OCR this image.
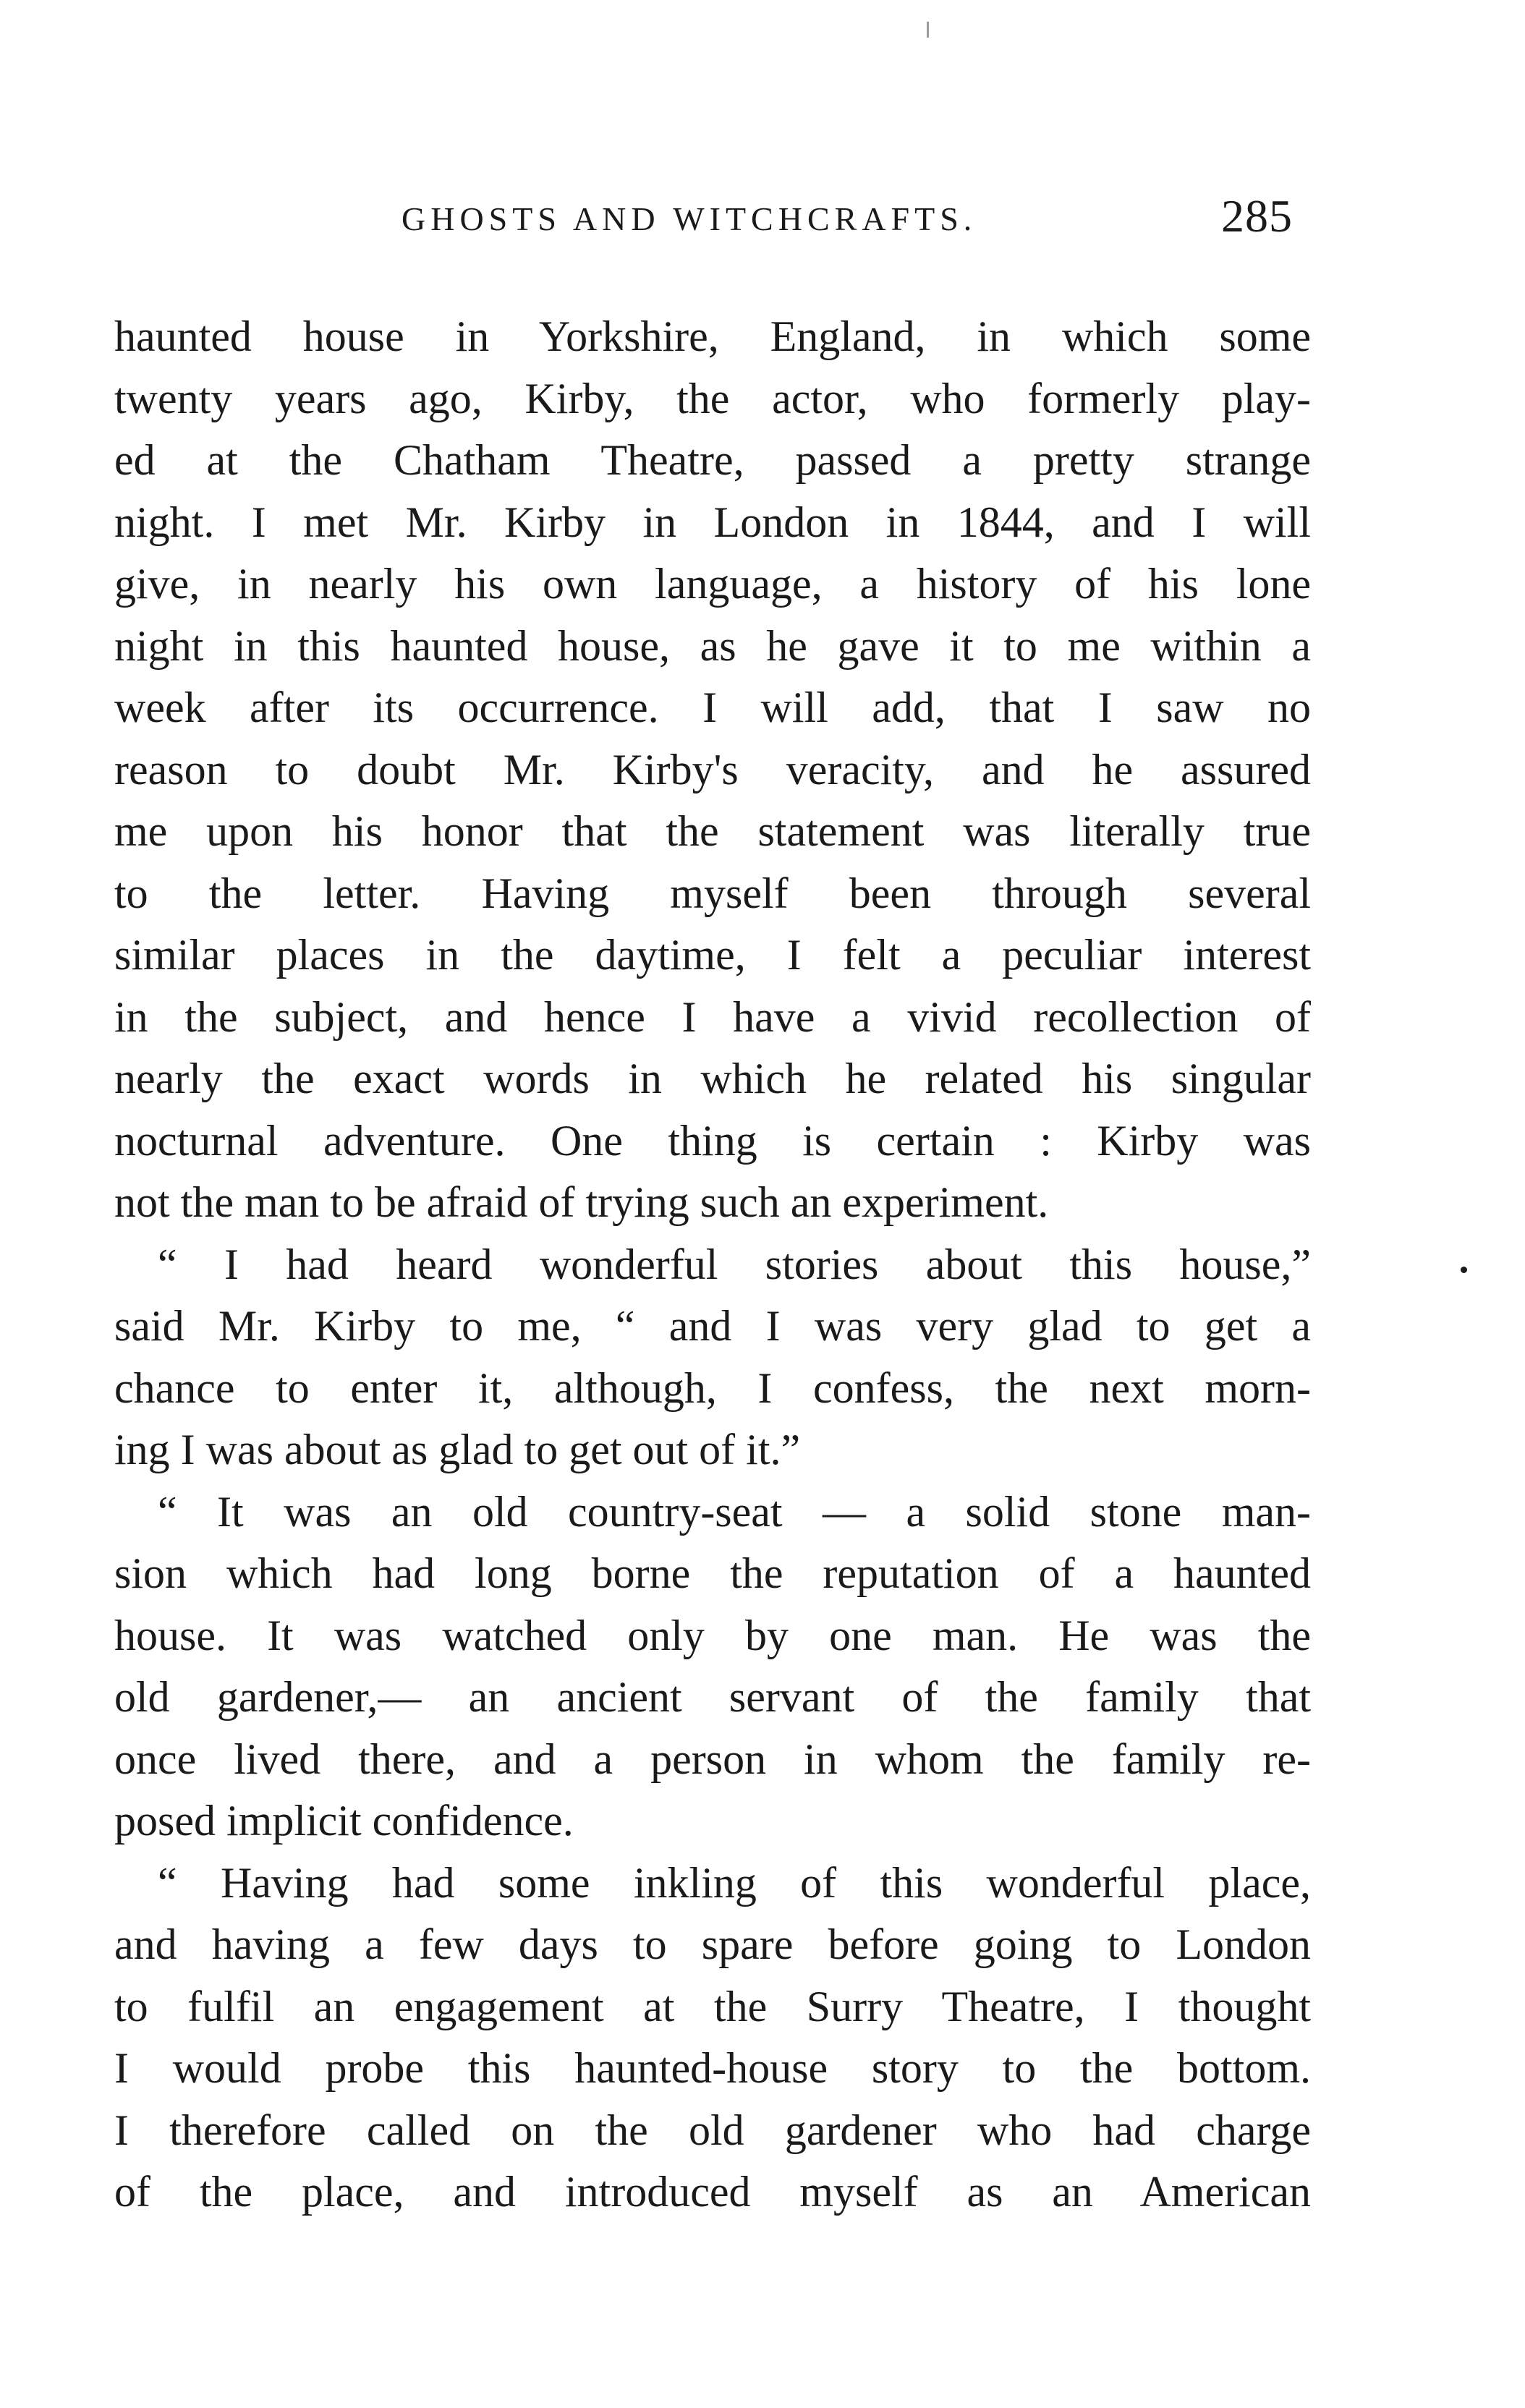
GHOSTS AND WITCHCRAFTS.	285
haunted house in Yorkshire, England, in which some
twenty years ago, Kirby, the actor, who formerly play-
ed at the Chatham Theatre, passed a pretty strange
night. I met Mr. Kirby in London in 1844, and I will
give, in nearly his own language, a history of his lone
night in this haunted house, as he gave it to me within a
week after its occurrence. I will add, that I saw no
reason to doubt Mr. Kirby's veracity, and he assured
me upon his honor that the statement was literally true
to the letter. Having myself been through several
similar places in the daytime, I felt a peculiar interest
in the subject, and hence I have a vivid recollection of
nearly the exact words in which he related his singular
nocturnal adventure. One thing is certain : Kirby was
not the man to be afraid of trying such an experiment.
“ I had heard wonderful stories about this house,”
said Mr. Kirby to me, “ and I was very glad to get a
chance to enter it, although, I confess, the next morn-
ing I was about as glad to get out of it.”
“ It was an old country-seat — a solid stone man-
sion which had long borne the reputation of a haunted
house. It was watched only by one man. He was the
old gardener,— an ancient servant of the family that
once lived there, and a person in whom the family re-
posed implicit confidence.
“ Having had some inkling of this wonderful place,
and having a few days to spare before going to London
to fulfil an engagement at the Surry Theatre, I thought
I would probe this haunted-house story to the bottom.
I therefore called on the old gardener who had charge
of the place, and introduced myself as an American
